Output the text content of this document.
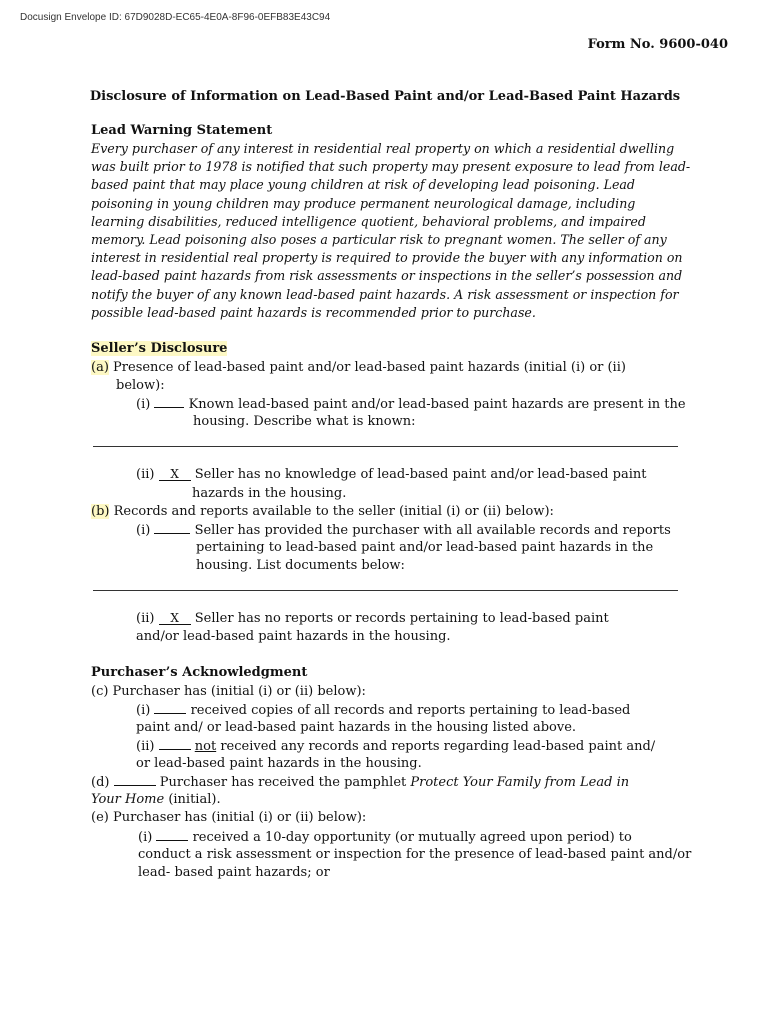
Docusign Envelope ID: 67D9028D-EC65-4E0A-8F96-0EFB83E43C94
Form No. 9600-040
Disclosure of Information on Lead-Based Paint and/or Lead-Based Paint Hazards
Lead Warning Statement
Every purchaser of any interest in residential real property on which a residential dwelling
was built prior to 1978 is notified that such property may present exposure to lead from lead-
based paint that may place young children at risk of developing lead poisoning. Lead
poisoning in young children may produce permanent neurological damage, including
learning disabilities, reduced intelligence quotient, behavioral problems, and impaired
memory. Lead poisoning also poses a particular risk to pregnant women. The seller of any
interest in residential real property is required to provide the buyer with any information on
lead-based paint hazards from risk assessments or inspections in the seller’s possession and
notify the buyer of any known lead-based paint hazards. A risk assessment or inspection for
possible lead-based paint hazards is recommended prior to purchase.
Seller’s Disclosure
(a) Presence of lead-based paint and/or lead-based paint hazards (initial (i) or (ii)
below):
(i)	Known lead-based paint and/or lead-based paint hazards are present in the
housing. Describe what is known:
(ii) X Seller has no knowledge of lead-based paint and/or lead-based paint
hazards in the housing.
(b) Records and reports available to the seller (initial (i) or (ii) below):
(i)	Seller has provided the purchaser with all available records and reports
pertaining to lead-based paint and/or lead-based paint hazards in the
housing. List documents below:
(ii) X Seller has no reports or records pertaining to lead-based paint
and/or lead-based paint hazards in the housing.
Purchaser’s Acknowledgment
(c) Purchaser has (initial (i) or (ii) below):
(i)	received copies of all records and reports pertaining to lead-based
paint and/ or lead-based paint hazards in the housing listed above.
(ii)	not received any records and reports regarding lead-based paint and/
or lead-based paint hazards in the housing.
(d)	Purchaser has received the pamphlet Protect Your Family from Lead in
Your Home (initial).
(e) Purchaser has (initial (i) or (ii) below):
(i)	received a 10-day opportunity (or mutually agreed upon period) to
conduct a risk assessment or inspection for the presence of lead-based paint and/or
lead- based paint hazards; or
